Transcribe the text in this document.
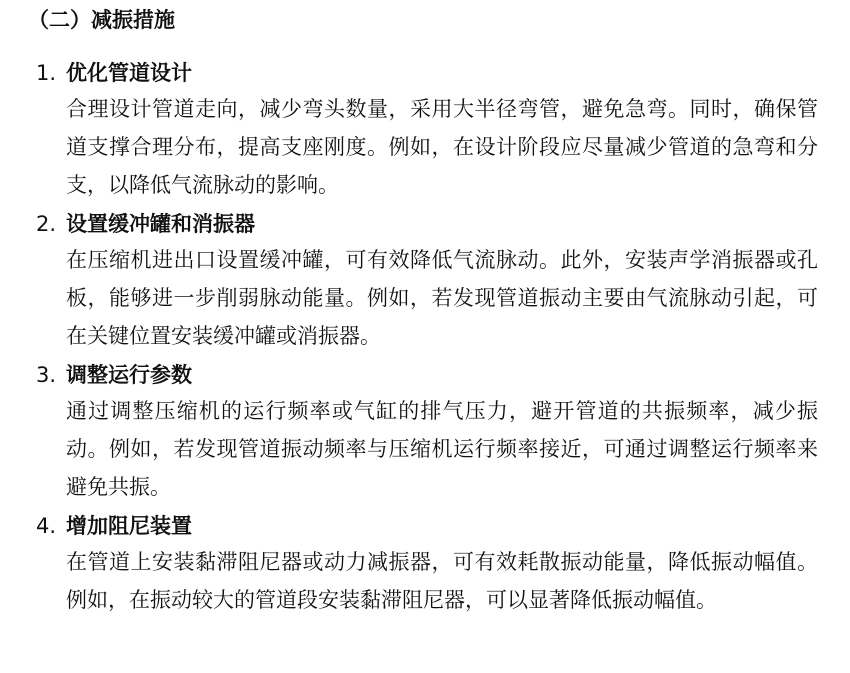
（二）减振措施
1. 优化管道设计
合理设计管道走向，减少弯头数量，采用大半径弯管，避免急弯。同时，确保管道支撑合理分布，提高支座刚度。例如，在设计阶段应尽量减少管道的急弯和分支，以降低气流脉动的影响。
2. 设置缓冲罐和消振器
在压缩机进出口设置缓冲罐，可有效降低气流脉动。此外，安装声学消振器或孔板，能够进一步削弱脉动能量。例如，若发现管道振动主要由气流脉动引起，可在关键位置安装缓冲罐或消振器。
3. 调整运行参数
通过调整压缩机的运行频率或气缸的排气压力，避开管道的共振频率，减少振动。例如，若发现管道振动频率与压缩机运行频率接近，可通过调整运行频率来避免共振。
4. 增加阻尼装置
在管道上安装黏滞阻尼器或动力减振器，可有效耗散振动能量，降低振动幅值。例如，在振动较大的管道段安装黏滞阻尼器，可以显著降低振动幅值。
